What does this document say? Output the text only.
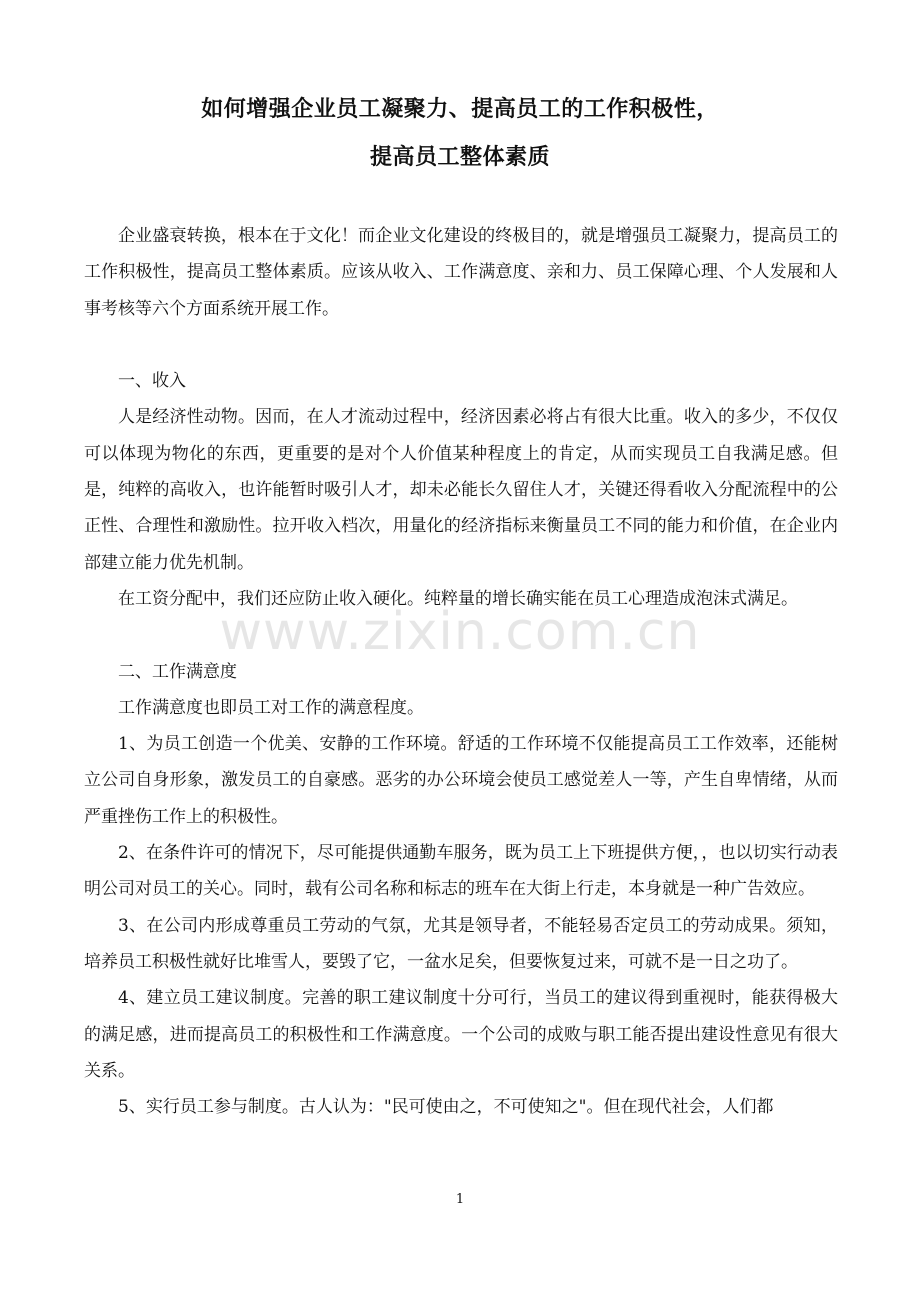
www.zixin.com.cn
如何增强企业员工凝聚力、提高员工的工作积极性，
提高员工整体素质

企业盛衰转换，根本在于文化！而企业文化建设的终极目的，就是增强员工凝聚力，提高员工的工作积极性，提高员工整体素质。应该从收入、工作满意度、亲和力、员工保障心理、个人发展和人事考核等六个方面系统开展工作。

一、收入

人是经济性动物。因而，在人才流动过程中，经济因素必将占有很大比重。收入的多少，不仅仅可以体现为物化的东西，更重要的是对个人价值某种程度上的肯定，从而实现员工自我满足感。但是，纯粹的高收入，也许能暂时吸引人才，却未必能长久留住人才，关键还得看收入分配流程中的公正性、合理性和激励性。拉开收入档次，用量化的经济指标来衡量员工不同的能力和价值，在企业内部建立能力优先机制。

在工资分配中，我们还应防止收入硬化。纯粹量的增长确实能在员工心理造成泡沫式满足。

二、工作满意度

工作满意度也即员工对工作的满意程度。

1、为员工创造一个优美、安静的工作环境。舒适的工作环境不仅能提高员工工作效率，还能树立公司自身形象，激发员工的自豪感。恶劣的办公环境会使员工感觉差人一等，产生自卑情绪，从而严重挫伤工作上的积极性。

2、在条件许可的情况下，尽可能提供通勤车服务，既为员工上下班提供方便，，也以切实行动表明公司对员工的关心。同时，载有公司名称和标志的班车在大街上行走，本身就是一种广告效应。

3、在公司内形成尊重员工劳动的气氛，尤其是领导者，不能轻易否定员工的劳动成果。须知，培养员工积极性就好比堆雪人，要毁了它，一盆水足矣，但要恢复过来，可就不是一日之功了。

4、建立员工建议制度。完善的职工建议制度十分可行，当员工的建议得到重视时，能获得极大的满足感，进而提高员工的积极性和工作满意度。一个公司的成败与职工能否提出建设性意见有很大关系。

5、实行员工参与制度。古人认为："民可使由之，不可使知之"。但在现代社会，人们都

1
